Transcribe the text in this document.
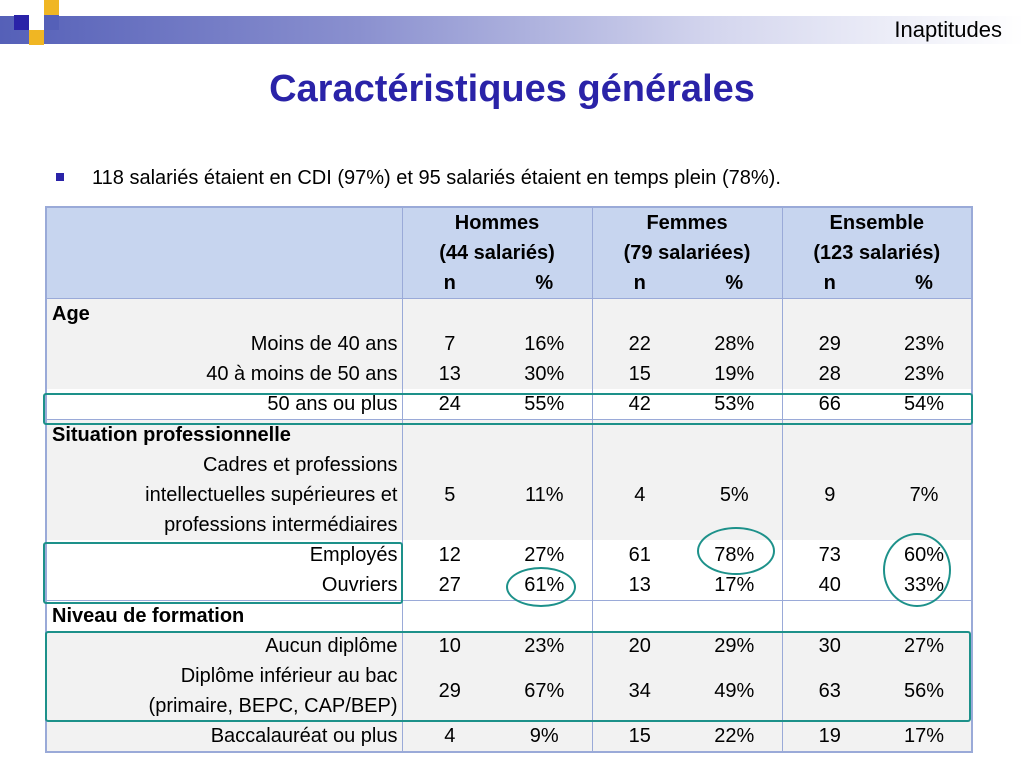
Inaptitudes
Caractéristiques générales
118 salariés étaient en CDI (97%) et 95 salariés étaient en temps plein (78%).
	Hommes		Femmes		Ensemble	
	(44 salariés)		(79 salariées)		(123 salariés)	
	n	%	n	%	n	%
Age						
Moins de 40 ans	7	16%	22	28%	29	23%
40 à moins de 50 ans	13	30%	15	19%	28	23%
50 ans ou plus	24	55%	42	53%	66	54%
Situation professionnelle						
Cadres et professions
intellectuelles supérieures et
professions intermédiaires	5	11%	4	5%	9	7%
Employés	12	27%	61	78%	73	60%
Ouvriers	27	61%	13	17%	40	33%
Niveau de formation						
Aucun diplôme	10	23%	20	29%	30	27%
Diplôme inférieur au bac
(primaire, BEPC, CAP/BEP)	29	67%	34	49%	63	56%
Baccalauréat ou plus	4	9%	15	22%	19	17%
